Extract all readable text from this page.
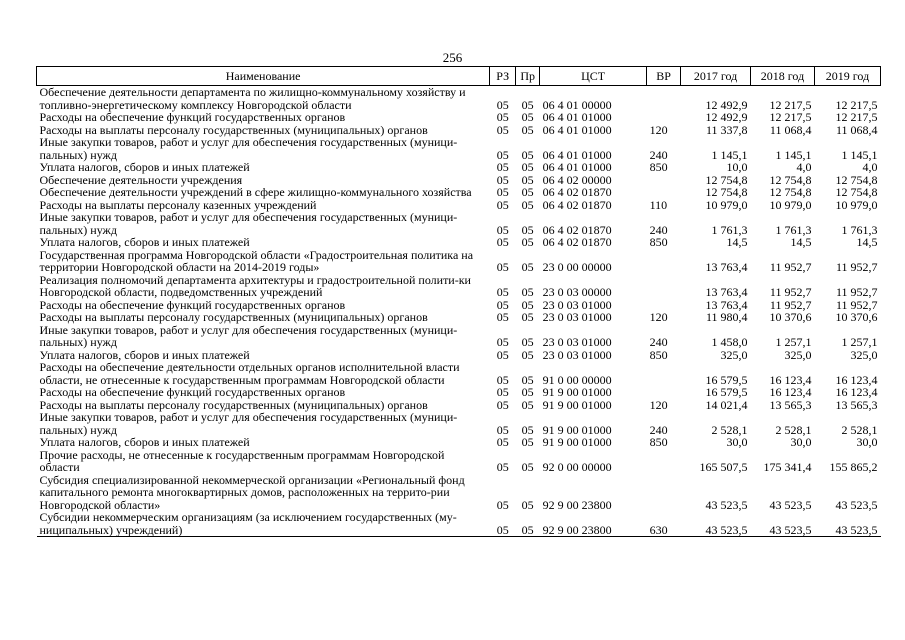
256
Наименование	РЗ	Пр	ЦСТ	ВР	2017 год	2018 год	2019 год
Обеспечение деятельности департамента по жилищно-коммунальному хозяйству и топливно-энергетическому комплексу Новгородской области	05	05	06 4 01 00000		12 492,9	12 217,5	12 217,5
Расходы на обеспечение функций государственных органов	05	05	06 4 01 01000		12 492,9	12 217,5	12 217,5
Расходы на выплаты персоналу государственных (муниципальных) органов	05	05	06 4 01 01000	120	11 337,8	11 068,4	11 068,4
Иные закупки товаров, работ и услуг для обеспечения государственных (муници-пальных) нужд	05	05	06 4 01 01000	240	1 145,1	1 145,1	1 145,1
Уплата налогов, сборов и иных платежей	05	05	06 4 01 01000	850	10,0	4,0	4,0
Обеспечение деятельности учреждения	05	05	06 4 02 00000		12 754,8	12 754,8	12 754,8
Обеспечение деятельности учреждений в сфере жилищно-коммунального хозяйства	05	05	06 4 02 01870		12 754,8	12 754,8	12 754,8
Расходы на выплаты персоналу казенных учреждений	05	05	06 4 02 01870	110	10 979,0	10 979,0	10 979,0
Иные закупки товаров, работ и услуг для обеспечения государственных (муници-пальных) нужд	05	05	06 4 02 01870	240	1 761,3	1 761,3	1 761,3
Уплата налогов, сборов и иных платежей	05	05	06 4 02 01870	850	14,5	14,5	14,5
Государственная программа Новгородской области «Градостроительная политика на территории Новгородской области на 2014-2019 годы»	05	05	23 0 00 00000		13 763,4	11 952,7	11 952,7
Реализация полномочий департамента архитектуры и градостроительной полити-ки Новгородской области, подведомственных учреждений	05	05	23 0 03 00000		13 763,4	11 952,7	11 952,7
Расходы на обеспечение функций государственных органов	05	05	23 0 03 01000		13 763,4	11 952,7	11 952,7
Расходы на выплаты персоналу государственных (муниципальных) органов	05	05	23 0 03 01000	120	11 980,4	10 370,6	10 370,6
Иные закупки товаров, работ и услуг для обеспечения государственных (муници-пальных) нужд	05	05	23 0 03 01000	240	1 458,0	1 257,1	1 257,1
Уплата налогов, сборов и иных платежей	05	05	23 0 03 01000	850	325,0	325,0	325,0
Расходы на обеспечение деятельности отдельных органов исполнительной власти области, не отнесенные к государственным программам Новгородской области	05	05	91 0 00 00000		16 579,5	16 123,4	16 123,4
Расходы на обеспечение функций государственных органов	05	05	91 9 00 01000		16 579,5	16 123,4	16 123,4
Расходы на выплаты персоналу государственных (муниципальных) органов	05	05	91 9 00 01000	120	14 021,4	13 565,3	13 565,3
Иные закупки товаров, работ и услуг для обеспечения государственных (муници-пальных) нужд	05	05	91 9 00 01000	240	2 528,1	2 528,1	2 528,1
Уплата налогов, сборов и иных платежей	05	05	91 9 00 01000	850	30,0	30,0	30,0
Прочие расходы, не отнесенные к государственным программам Новгородской области	05	05	92 0 00 00000		165 507,5	175 341,4	155 865,2
Субсидия специализированной некоммерческой организации «Региональный фонд капитального ремонта многоквартирных домов, расположенных на террито-рии Новгородской области»	05	05	92 9 00 23800		43 523,5	43 523,5	43 523,5
Субсидии некоммерческим организациям (за исключением государственных (му-ниципальных) учреждений)	05	05	92 9 00 23800	630	43 523,5	43 523,5	43 523,5
